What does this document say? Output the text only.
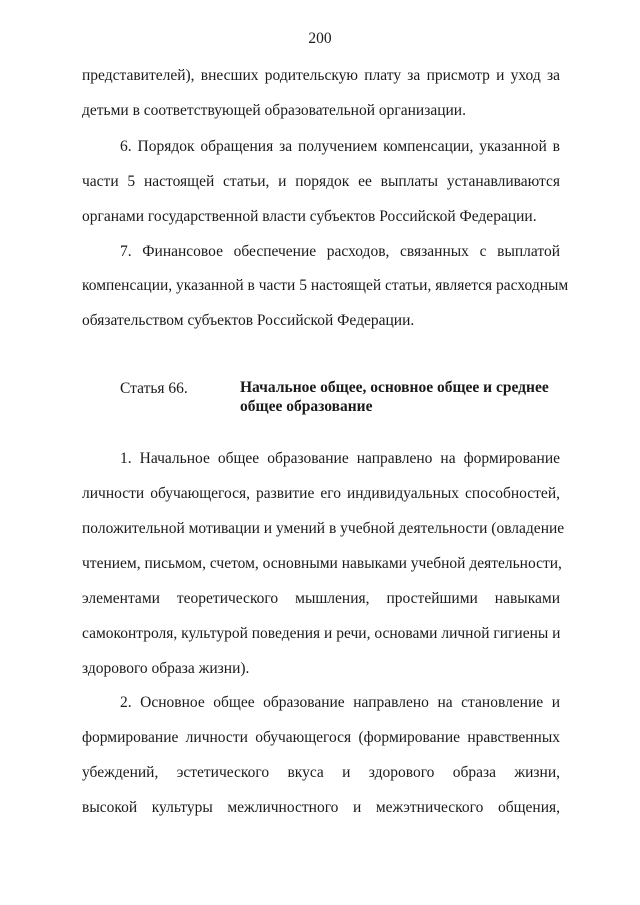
200
представителей), внесших родительскую плату за присмотр и уход за
детьми в соответствующей образовательной организации.
6. Порядок обращения за получением компенсации, указанной в
части 5 настоящей статьи, и порядок ее выплаты устанавливаются
органами государственной власти субъектов Российской Федерации.
7. Финансовое обеспечение расходов, связанных с выплатой
компенсации, указанной в части 5 настоящей статьи, является расходным
обязательством субъектов Российской Федерации.
Статья 66.	Начальное общее, основное общее и среднее
общее образование
1. Начальное общее образование направлено на формирование
личности обучающегося, развитие его индивидуальных способностей,
положительной мотивации и умений в учебной деятельности (овладение
чтением, письмом, счетом, основными навыками учебной деятельности,
элементами теоретического мышления, простейшими навыками
самоконтроля, культурой поведения и речи, основами личной гигиены и
здорового образа жизни).
2. Основное общее образование направлено на становление и
формирование личности обучающегося (формирование нравственных
убеждений, эстетического вкуса и здорового образа жизни,
высокой культуры межличностного и межэтнического общения,
